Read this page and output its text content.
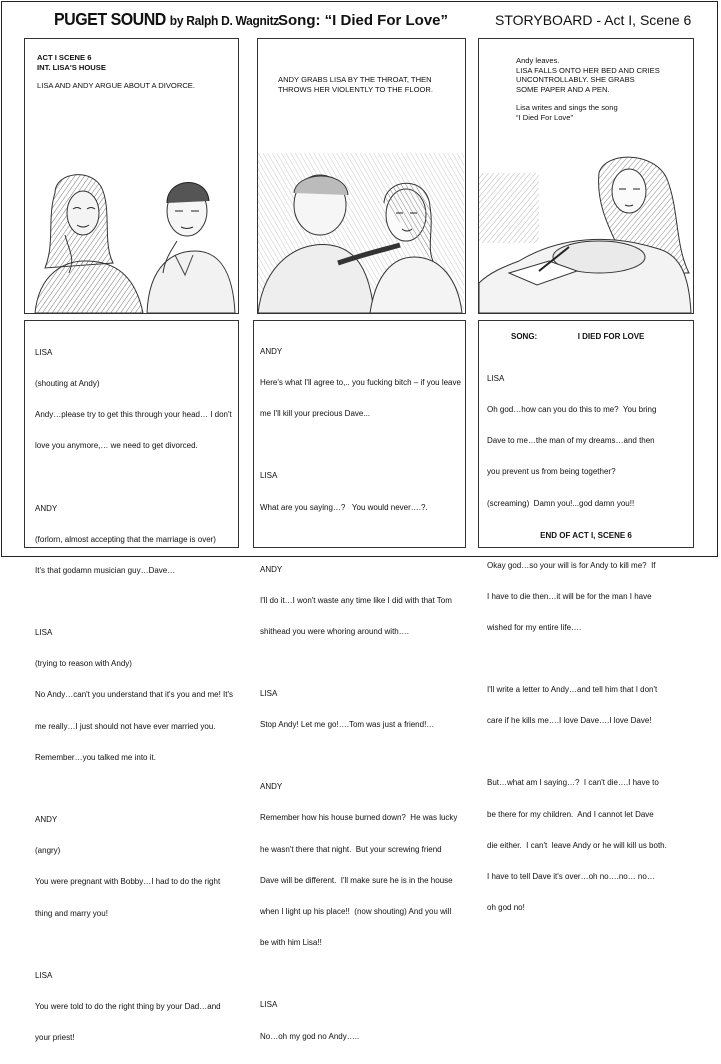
PUGET SOUND by Ralph D. Wagnitz Song: “I Died For Love”	STORYBOARD - Act I, Scene 6
ACT I SCENE 6
INT. LISA'S HOUSE
LISA AND ANDY ARGUE ABOUT A DIVORCE.
ANDY GRABS LISA BY THE THROAT, THEN
THROWS HER VIOLENTLY TO THE FLOOR.
Andy leaves.
LISA FALLS ONTO HER BED AND CRIES
UNCONTROLLABLY. SHE GRABS
SOME PAPER AND A PEN.
Lisa writes and sings the song
“I Died For Love”

LISA

(shouting at Andy)

Andy…please try to get this through your head… I don't

love you anymore,… we need to get divorced.

ANDY

(forlorn, almost accepting that the marriage is over)

It's that godamn musician guy…Dave…

LISA

(trying to reason with Andy)

No Andy…can't you understand that it's you and me! It's

me really…I just should not have ever married you.

Remember…you talked me into it.

ANDY

(angry)

You were pregnant with Bobby…I had to do the right

thing and marry you!

LISA

You were told to do the right thing by your Dad…and

your priest!

ANDY

Here's what I'll agree to,.. you fucking bitch – if you leave

me I'll kill your precious Dave...

LISA

What are you saying…?   You would never….?.

ANDY

I'll do it…I won't waste any time like I did with that Tom

shithead you were whoring around with….

LISA

Stop Andy! Let me go!….Tom was just a friend!…

ANDY

Remember how his house burned down?  He was lucky

he wasn't there that night.  But your screwing friend

Dave will be different.  I'll make sure he is in the house

when I light up his place!!  (now shouting) And you will

be with him Lisa!!

LISA

No…oh my god no Andy…..

SONG:	I DIED FOR LOVE

LISA

Oh god…how can you do this to me?  You bring

Dave to me…the man of my dreams…and then

you prevent us from being together?

(screaming)  Damn you!...god damn you!!

Okay god…so your will is for Andy to kill me?  If

I have to die then…it will be for the man I have

wished for my entire life….

I'll write a letter to Andy…and tell him that I don't

care if he kills me….I love Dave….I love Dave!

But…what am I saying…?  I can't die….I have to

be there for my children.  And I cannot let Dave

die either.  I can't  leave Andy or he will kill us both.

I have to tell Dave it's over…oh no….no… no…

oh god no!

END OF ACT I, SCENE 6
